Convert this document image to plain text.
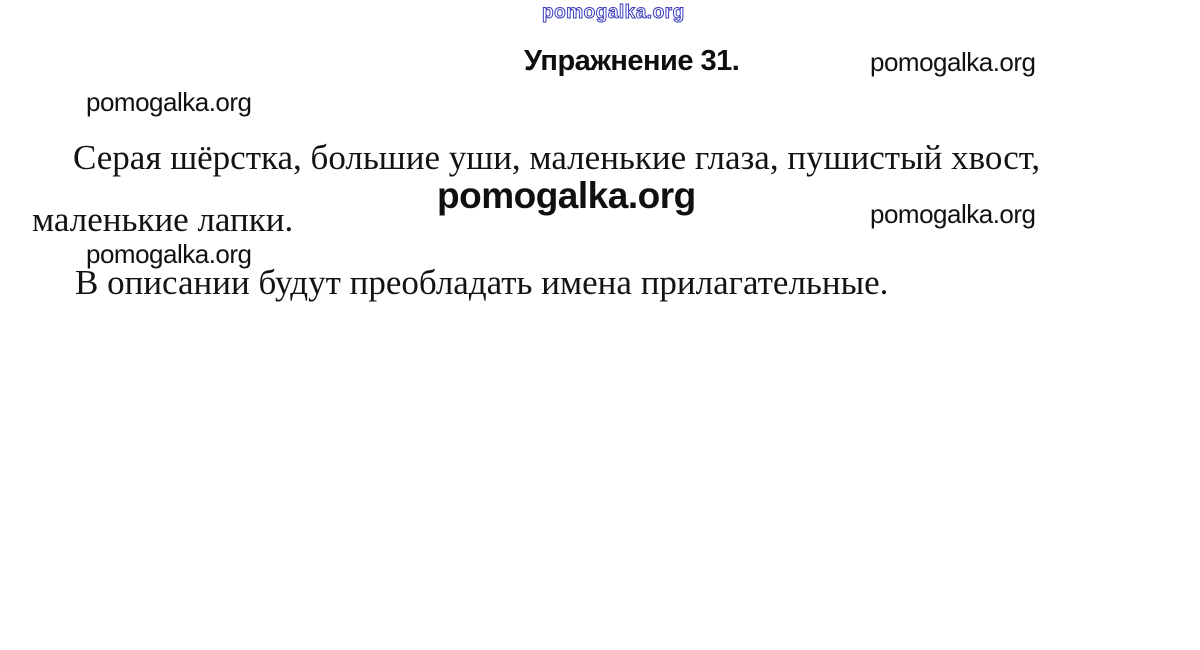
pomogalka.org
Упражнение 31.	pomogalka.org
pomogalka.org
Серая шёрстка, большие уши, маленькие глаза, пушистый хвост,
pomogalka.org
маленькие лапки.	pomogalka.org
pomogalka.org
В описании будут преобладать имена прилагательные.
